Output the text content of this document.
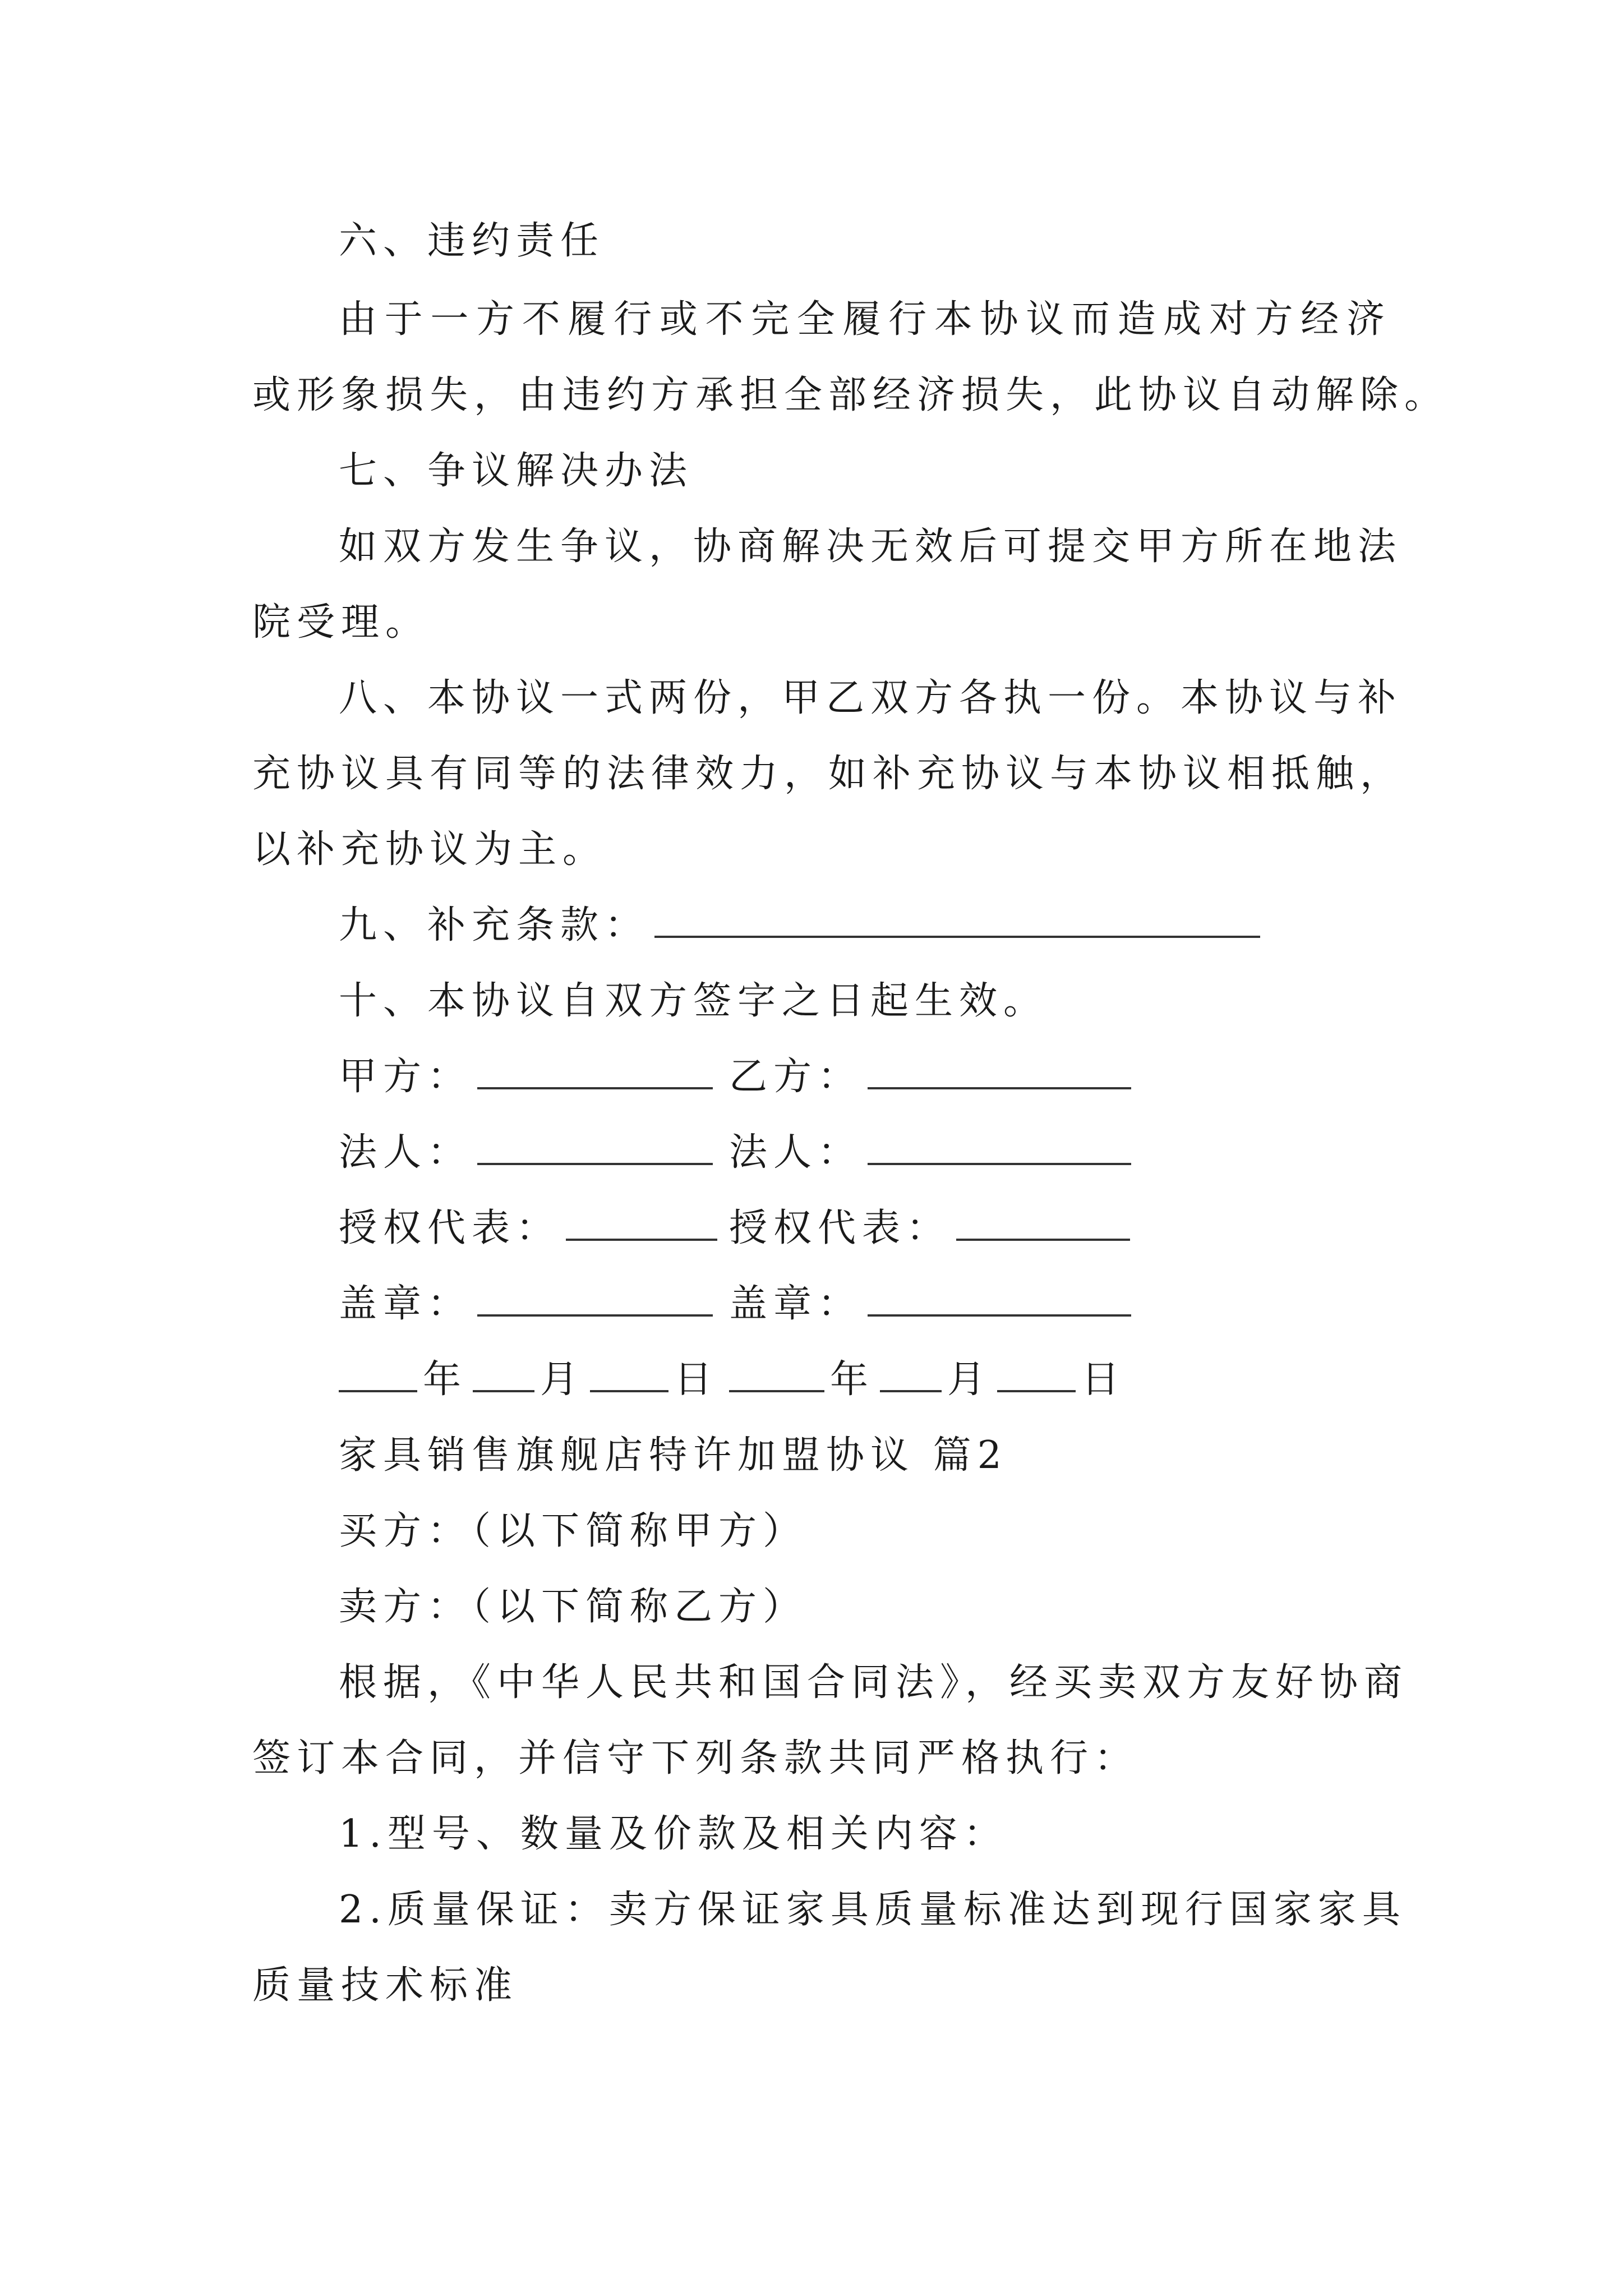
六、违约责任
由于一方不履行或不完全履行本协议而造成对方经济
或形象损失，由违约方承担全部经济损失，此协议自动解除。
七、争议解决办法
如双方发生争议，协商解决无效后可提交甲方所在地法
院受理。
八、本协议一式两份，甲乙双方各执一份。本协议与补
充协议具有同等的法律效力，如补充协议与本协议相抵触，
以补充协议为主。
九、补充条款：
十、本协议自双方签字之日起生效。
甲方：	乙方：
法人：	法人：
授权代表：	授权代表：
盖章：	盖章：
年 月 日	年 月 日
家具销售旗舰店特许加盟协议 篇2
买方：（以下简称甲方）
卖方：（以下简称乙方）
根据，《中华人民共和国合同法》，经买卖双方友好协商
签订本合同，并信守下列条款共同严格执行：
1.型号、数量及价款及相关内容：
2.质量保证：卖方保证家具质量标准达到现行国家家具
质量技术标准
